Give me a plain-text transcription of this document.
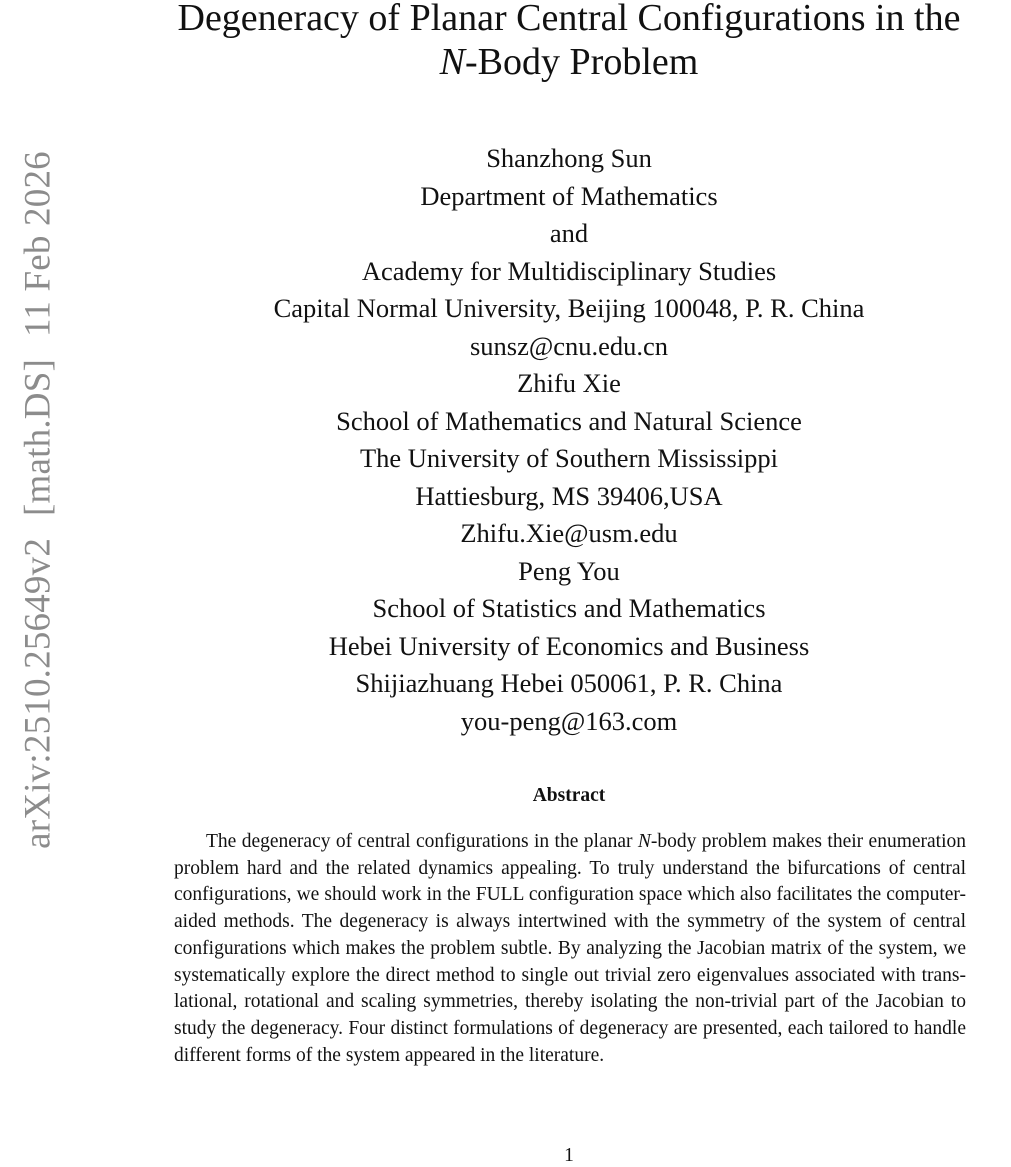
arXiv:2510.25649v2[math.DS]11 Feb 2026
Degeneracy of Planar Central Configurations in the
N-Body Problem
Shanzhong Sun
Department of Mathematics
and
Academy for Multidisciplinary Studies
Capital Normal University, Beijing 100048, P. R. China
sunsz@cnu.edu.cn
Zhifu Xie
School of Mathematics and Natural Science
The University of Southern Mississippi
Hattiesburg, MS 39406,USA
Zhifu.Xie@usm.edu
Peng You
School of Statistics and Mathematics
Hebei University of Economics and Business
Shijiazhuang Hebei 050061, P. R. China
you-peng@163.com
Abstract

The degeneracy of central configurations in the planar N-body problem makes their enumeration problem hard and the related dynamics appealing. To truly understand the bifurcations of central configurations, we should work in the FULL configuration space which also facilitates the computer-aided methods. The degeneracy is always intertwined with the symmetry of the system of central configurations which makes the problem subtle. By analyzing the Jacobian matrix of the system, we systematically explore the direct method to single out trivial zero eigenvalues associated with translational, rotational and scaling symmetries, thereby isolating the non-trivial part of the Jacobian to study the degeneracy. Four distinct formulations of degeneracy are presented, each tailored to handle different forms of the system appeared in the literature.

1
